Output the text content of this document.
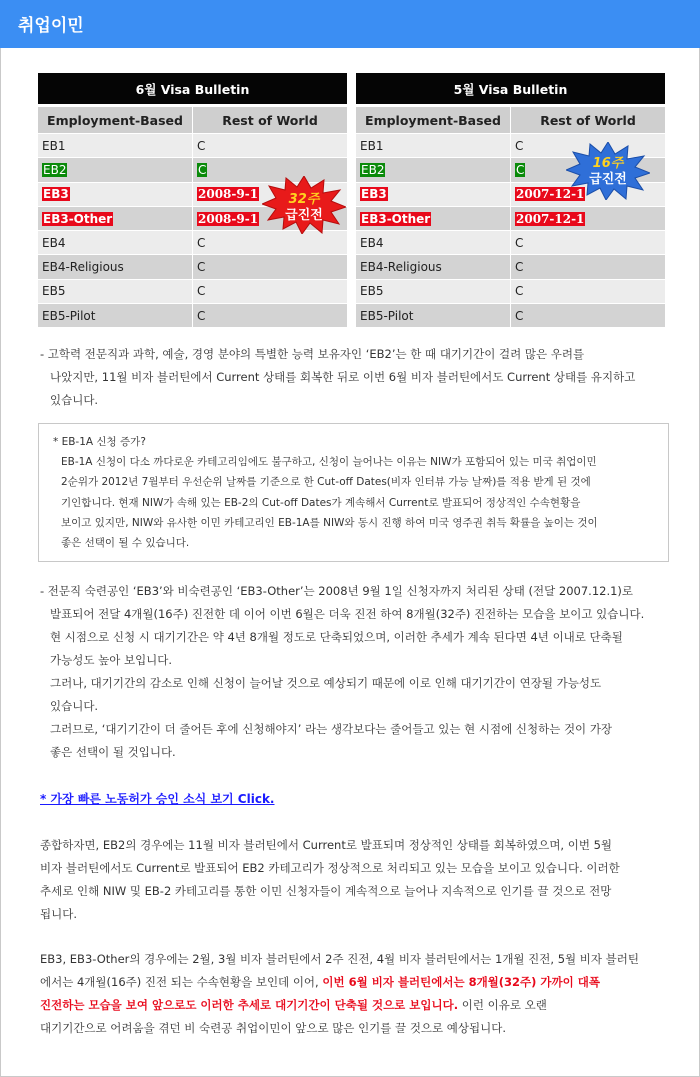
취업이민
6월 Visa Bulletin
Employment-Based	Rest of World
EB1	C
EB2	C
EB3	2008-9-1
EB3-Other	2008-9-1
EB4	C
EB4-Religious	C
EB5	C
EB5-Pilot	C
5월 Visa Bulletin
Employment-Based	Rest of World
EB1	C
EB2	C
EB3	2007-12-1
EB3-Other	2007-12-1
EB4	C
EB4-Religious	C
EB5	C
EB5-Pilot	C
32주
급진전
16주
급진전
- 고학력 전문직과 과학, 예술, 경영 분야의 특별한 능력 보유자인 ‘EB2’는 한 때 대기기간이 걸려 많은 우려를
나았지만, 11월 비자 블러틴에서 Current 상태를 회복한 뒤로 이번 6월 비자 블러틴에서도 Current 상태를 유지하고
있습니다.
* EB-1A 신청 증가?
EB-1A 신청이 다소 까다로운 카테고리임에도 불구하고, 신청이 늘어나는 이유는 NIW가 포함되어 있는 미국 취업이민
2순위가 2012년 7월부터 우선순위 날짜를 기준으로 한 Cut-off Dates(비자 인터뷰 가능 날짜)를 적용 받게 된 것에
기인합니다. 현재 NIW가 속해 있는 EB-2의 Cut-off Dates가 계속해서 Current로 발표되어 정상적인 수속현황을
보이고 있지만, NIW와 유사한 이민 카테고리인 EB-1A를 NIW와 동시 진행 하여 미국 영주권 취득 확률을 높이는 것이
좋은 선택이 될 수 있습니다.
- 전문직 숙련공인 ‘EB3’와 비숙련공인 ‘EB3-Other’는 2008년 9월 1일 신청자까지 처리된 상태 (전달 2007.12.1)로
발표되어 전달 4개월(16주) 진전한 데 이어 이번 6월은 더욱 진전 하여 8개월(32주) 진전하는 모습을 보이고 있습니다.
현 시점으로 신청 시 대기기간은 약 4년 8개월 정도로 단축되었으며, 이러한 추세가 계속 된다면 4년 이내로 단축될
가능성도 높아 보입니다.
그러나, 대기기간의 감소로 인해 신청이 늘어날 것으로 예상되기 때문에 이로 인해 대기기간이 연장될 가능성도
있습니다.
그러므로, ‘대기기간이 더 줄어든 후에 신청해야지’ 라는 생각보다는 줄어들고 있는 현 시점에 신청하는 것이 가장
좋은 선택이 될 것입니다.
* 가장 빠른 노동허가 승인 소식 보기 Click.
종합하자면, EB2의 경우에는 11월 비자 블러틴에서 Current로 발표되며 정상적인 상태를 회복하였으며, 이번 5월
비자 블러틴에서도 Current로 발표되어 EB2 카테고리가 정상적으로 처리되고 있는 모습을 보이고 있습니다. 이러한
추세로 인해 NIW 및 EB-2 카테고리를 통한 이민 신청자들이 계속적으로 늘어나 지속적으로 인기를 끌 것으로 전망
됩니다.
EB3, EB3-Other의 경우에는 2월, 3월 비자 블러틴에서 2주 진전, 4월 비자 블러틴에서는 1개월 진전, 5월 비자 블러틴
에서는 4개월(16주) 진전 되는 수속현황을 보인데 이어, 이번 6월 비자 블러틴에서는 8개월(32주) 가까이 대폭
진전하는 모습을 보여 앞으로도 이러한 추세로 대기기간이 단축될 것으로 보입니다. 이런 이유로 오랜
대기기간으로 어려움을 겪던 비 숙련공 취업이민이 앞으로 많은 인기를 끌 것으로 예상됩니다.
